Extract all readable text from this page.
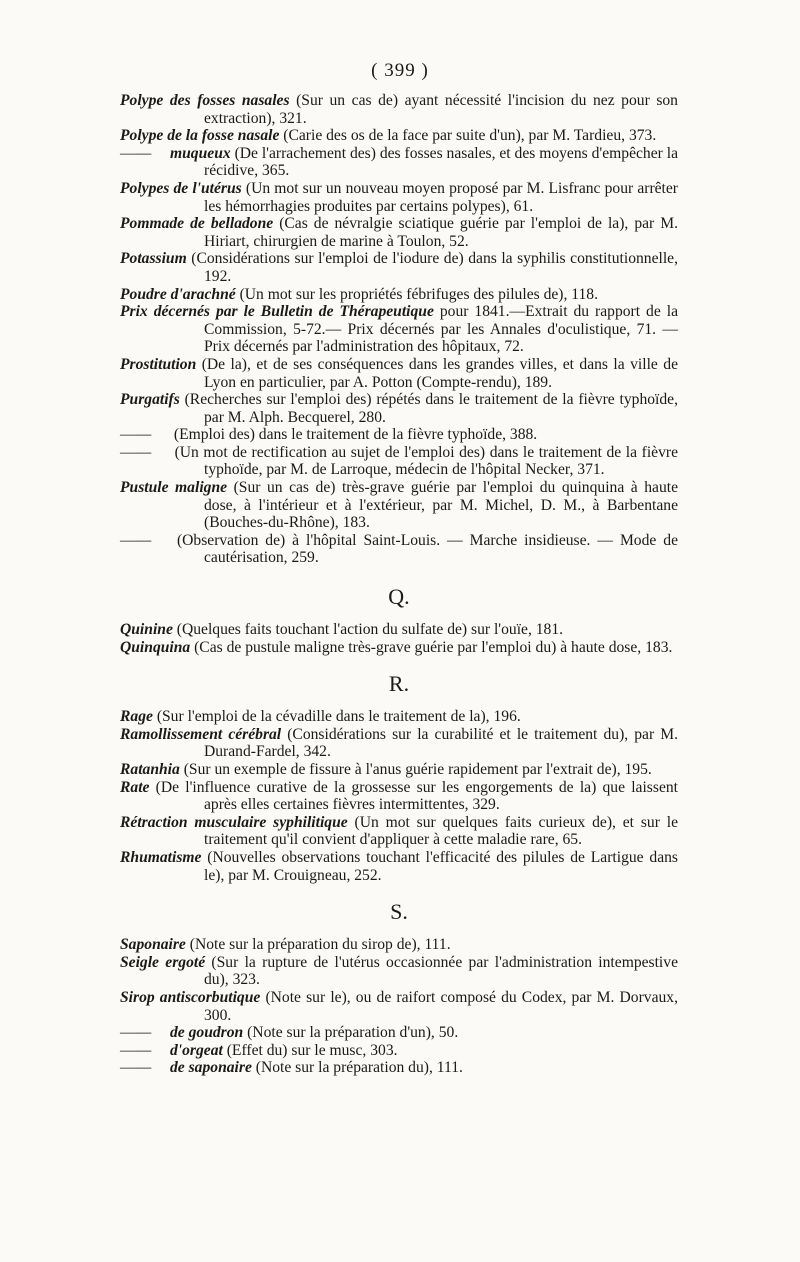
( 399 )
Polype des fosses nasales (Sur un cas de) ayant nécessité l'incision du nez pour son extraction), 321.
Polype de la fosse nasale (Carie des os de la face par suite d'un), par M. Tardieu, 373.
—— muqueux (De l'arrachement des) des fosses nasales, et des moyens d'empêcher la récidive, 365.
Polypes de l'utérus (Un mot sur un nouveau moyen proposé par M. Lisfranc pour arrêter les hémorrhagies produites par certains polypes), 61.
Pommade de belladone (Cas de névralgie sciatique guérie par l'emploi de la), par M. Hiriart, chirurgien de marine à Toulon, 52.
Potassium (Considérations sur l'emploi de l'iodure de) dans la syphilis constitutionnelle, 192.
Poudre d'arachné (Un mot sur les propriétés fébrifuges des pilules de), 118.
Prix décernés par le Bulletin de Thérapeutique pour 1841.—Extrait du rapport de la Commission, 5-72.— Prix décernés par les Annales d'oculistique, 71. —Prix décernés par l'administration des hôpitaux, 72.
Prostitution (De la), et de ses conséquences dans les grandes villes, et dans la ville de Lyon en particulier, par A. Potton (Compte-rendu), 189.
Purgatifs (Recherches sur l'emploi des) répétés dans le traitement de la fièvre typhoïde, par M. Alph. Becquerel, 280.
—— (Emploi des) dans le traitement de la fièvre typhoïde, 388.
—— (Un mot de rectification au sujet de l'emploi des) dans le traitement de la fièvre typhoïde, par M. de Larroque, médecin de l'hôpital Necker, 371.
Pustule maligne (Sur un cas de) très-grave guérie par l'emploi du quinquina à haute dose, à l'intérieur et à l'extérieur, par M. Michel, D. M., à Barbentane (Bouches-du-Rhône), 183.
—— (Observation de) à l'hôpital Saint-Louis. — Marche insidieuse. — Mode de cautérisation, 259.
Q.
Quinine (Quelques faits touchant l'action du sulfate de) sur l'ouïe, 181.
Quinquina (Cas de pustule maligne très-grave guérie par l'emploi du) à haute dose, 183.
R.
Rage (Sur l'emploi de la cévadille dans le traitement de la), 196.
Ramollissement cérébral (Considérations sur la curabilité et le traitement du), par M. Durand-Fardel, 342.
Ratanhia (Sur un exemple de fissure à l'anus guérie rapidement par l'extrait de), 195.
Rate (De l'influence curative de la grossesse sur les engorgements de la) que laissent après elles certaines fièvres intermittentes, 329.
Rétraction musculaire syphilitique (Un mot sur quelques faits curieux de), et sur le traitement qu'il convient d'appliquer à cette maladie rare, 65.
Rhumatisme (Nouvelles observations touchant l'efficacité des pilules de Lartigue dans le), par M. Crouigneau, 252.
S.
Saponaire (Note sur la préparation du sirop de), 111.
Seigle ergoté (Sur la rupture de l'utérus occasionnée par l'administration intempestive du), 323.
Sirop antiscorbutique (Note sur le), ou de raifort composé du Codex, par M. Dorvaux, 300.
—— de goudron (Note sur la préparation d'un), 50.
—— d'orgeat (Effet du) sur le musc, 303.
—— de saponaire (Note sur la préparation du), 111.
